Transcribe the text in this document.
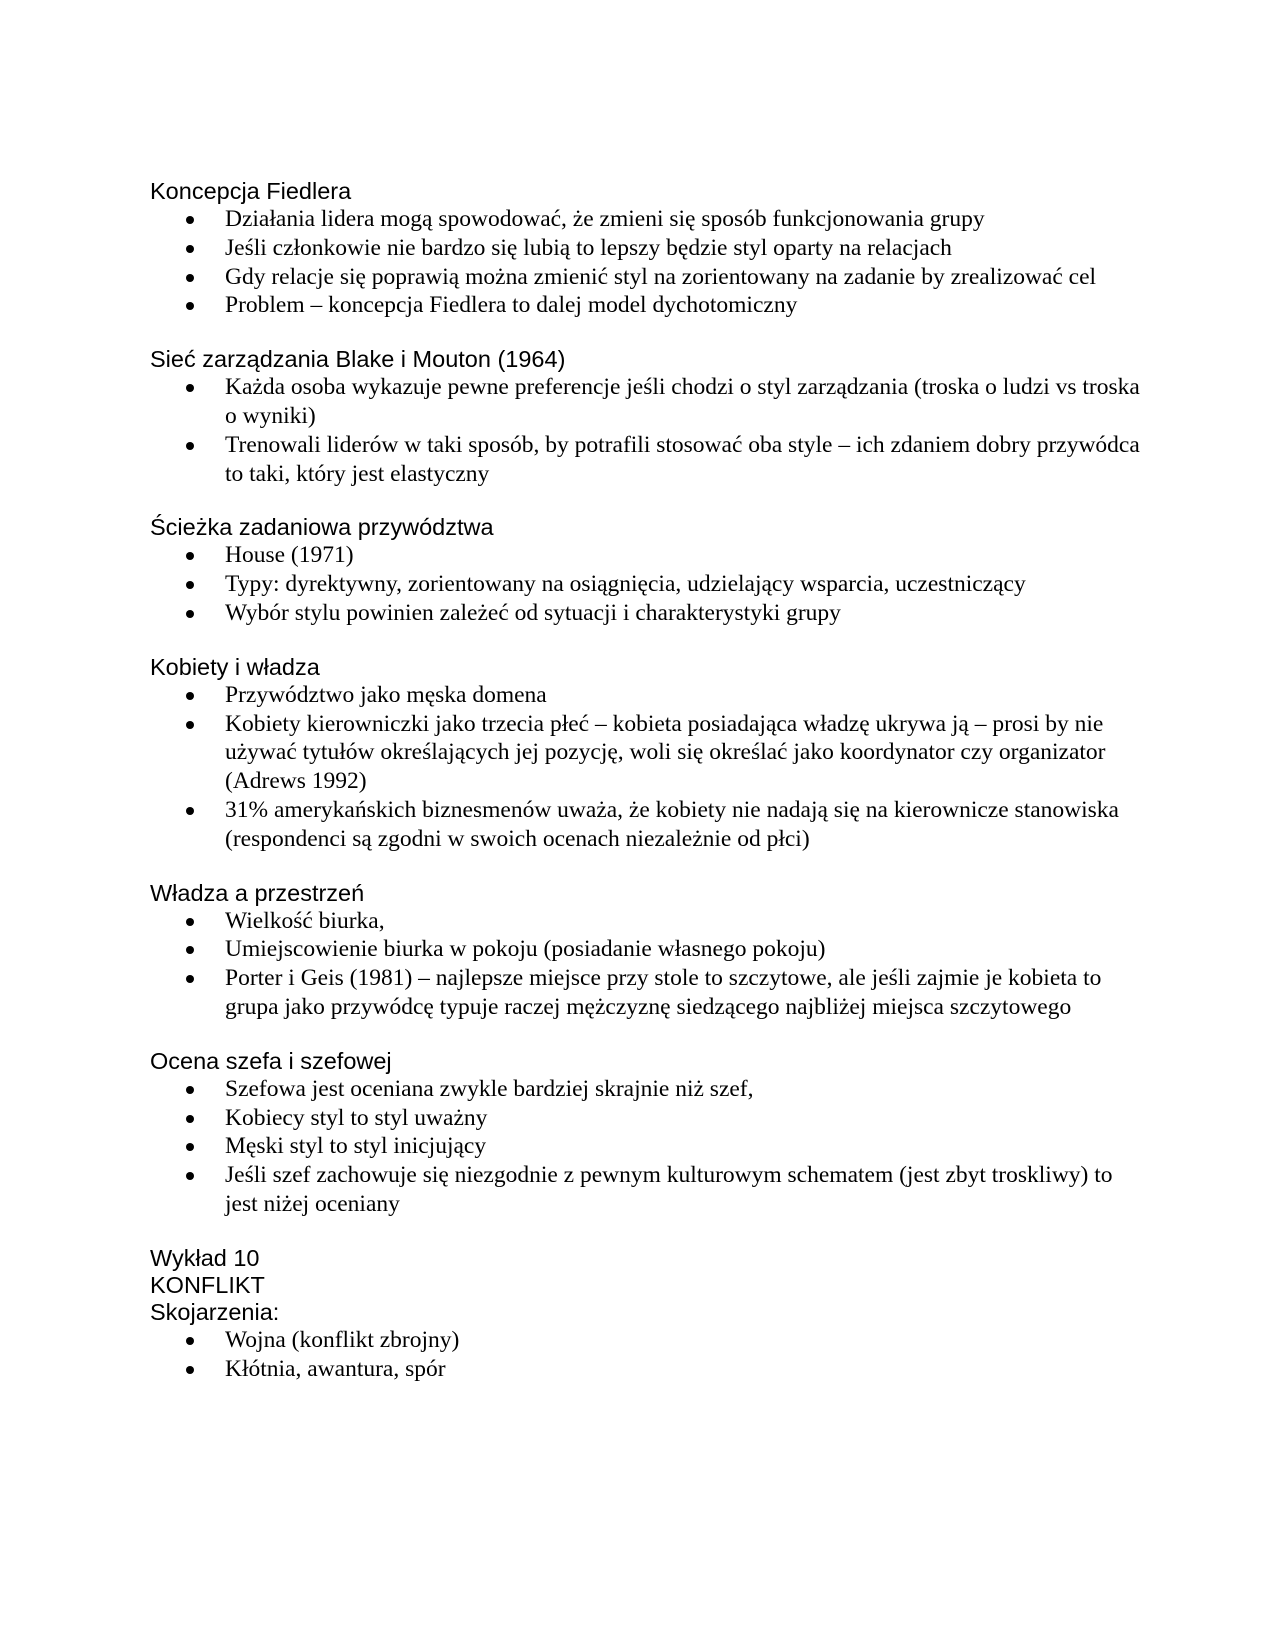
Koncepcja Fiedlera

Działania lidera mogą spowodować, że zmieni się sposób funkcjonowania grupy
Jeśli członkowie nie bardzo się lubią to lepszy będzie styl oparty na relacjach
Gdy relacje się poprawią można zmienić styl na zorientowany na zadanie by zrealizować cel
Problem – koncepcja Fiedlera to dalej model dychotomiczny

Sieć zarządzania Blake i Mouton (1964)

Każda osoba wykazuje pewne preferencje jeśli chodzi o styl zarządzania (troska o ludzi vs troska o wyniki)
Trenowali liderów w taki sposób, by potrafili stosować oba style – ich zdaniem dobry przywódca to taki, który jest elastyczny

Ścieżka zadaniowa przywództwa

House (1971)
Typy: dyrektywny, zorientowany na osiągnięcia, udzielający wsparcia, uczestniczący
Wybór stylu powinien zależeć od sytuacji i charakterystyki grupy

Kobiety i władza

Przywództwo jako męska domena
Kobiety kierowniczki jako trzecia płeć – kobieta posiadająca władzę ukrywa ją – prosi by nie używać tytułów określających jej pozycję, woli się określać jako koordynator czy organizator (Adrews 1992)
31% amerykańskich biznesmenów uważa, że kobiety nie nadają się na kierownicze stanowiska (respondenci są zgodni w swoich ocenach niezależnie od płci)

Władza a przestrzeń

Wielkość biurka,
Umiejscowienie biurka w pokoju (posiadanie własnego pokoju)
Porter i Geis (1981) – najlepsze miejsce przy stole to szczytowe, ale jeśli zajmie je kobieta to grupa jako przywódcę typuje raczej mężczyznę siedzącego najbliżej miejsca szczytowego

Ocena szefa i szefowej

Szefowa jest oceniana zwykle bardziej skrajnie niż szef,
Kobiecy styl to styl uważny
Męski styl to styl inicjujący
Jeśli szef zachowuje się niezgodnie z pewnym kulturowym schematem (jest zbyt troskliwy) to jest niżej oceniany

Wykład 10

KONFLIKT

Skojarzenia:

Wojna (konflikt zbrojny)
Kłótnia, awantura, spór
